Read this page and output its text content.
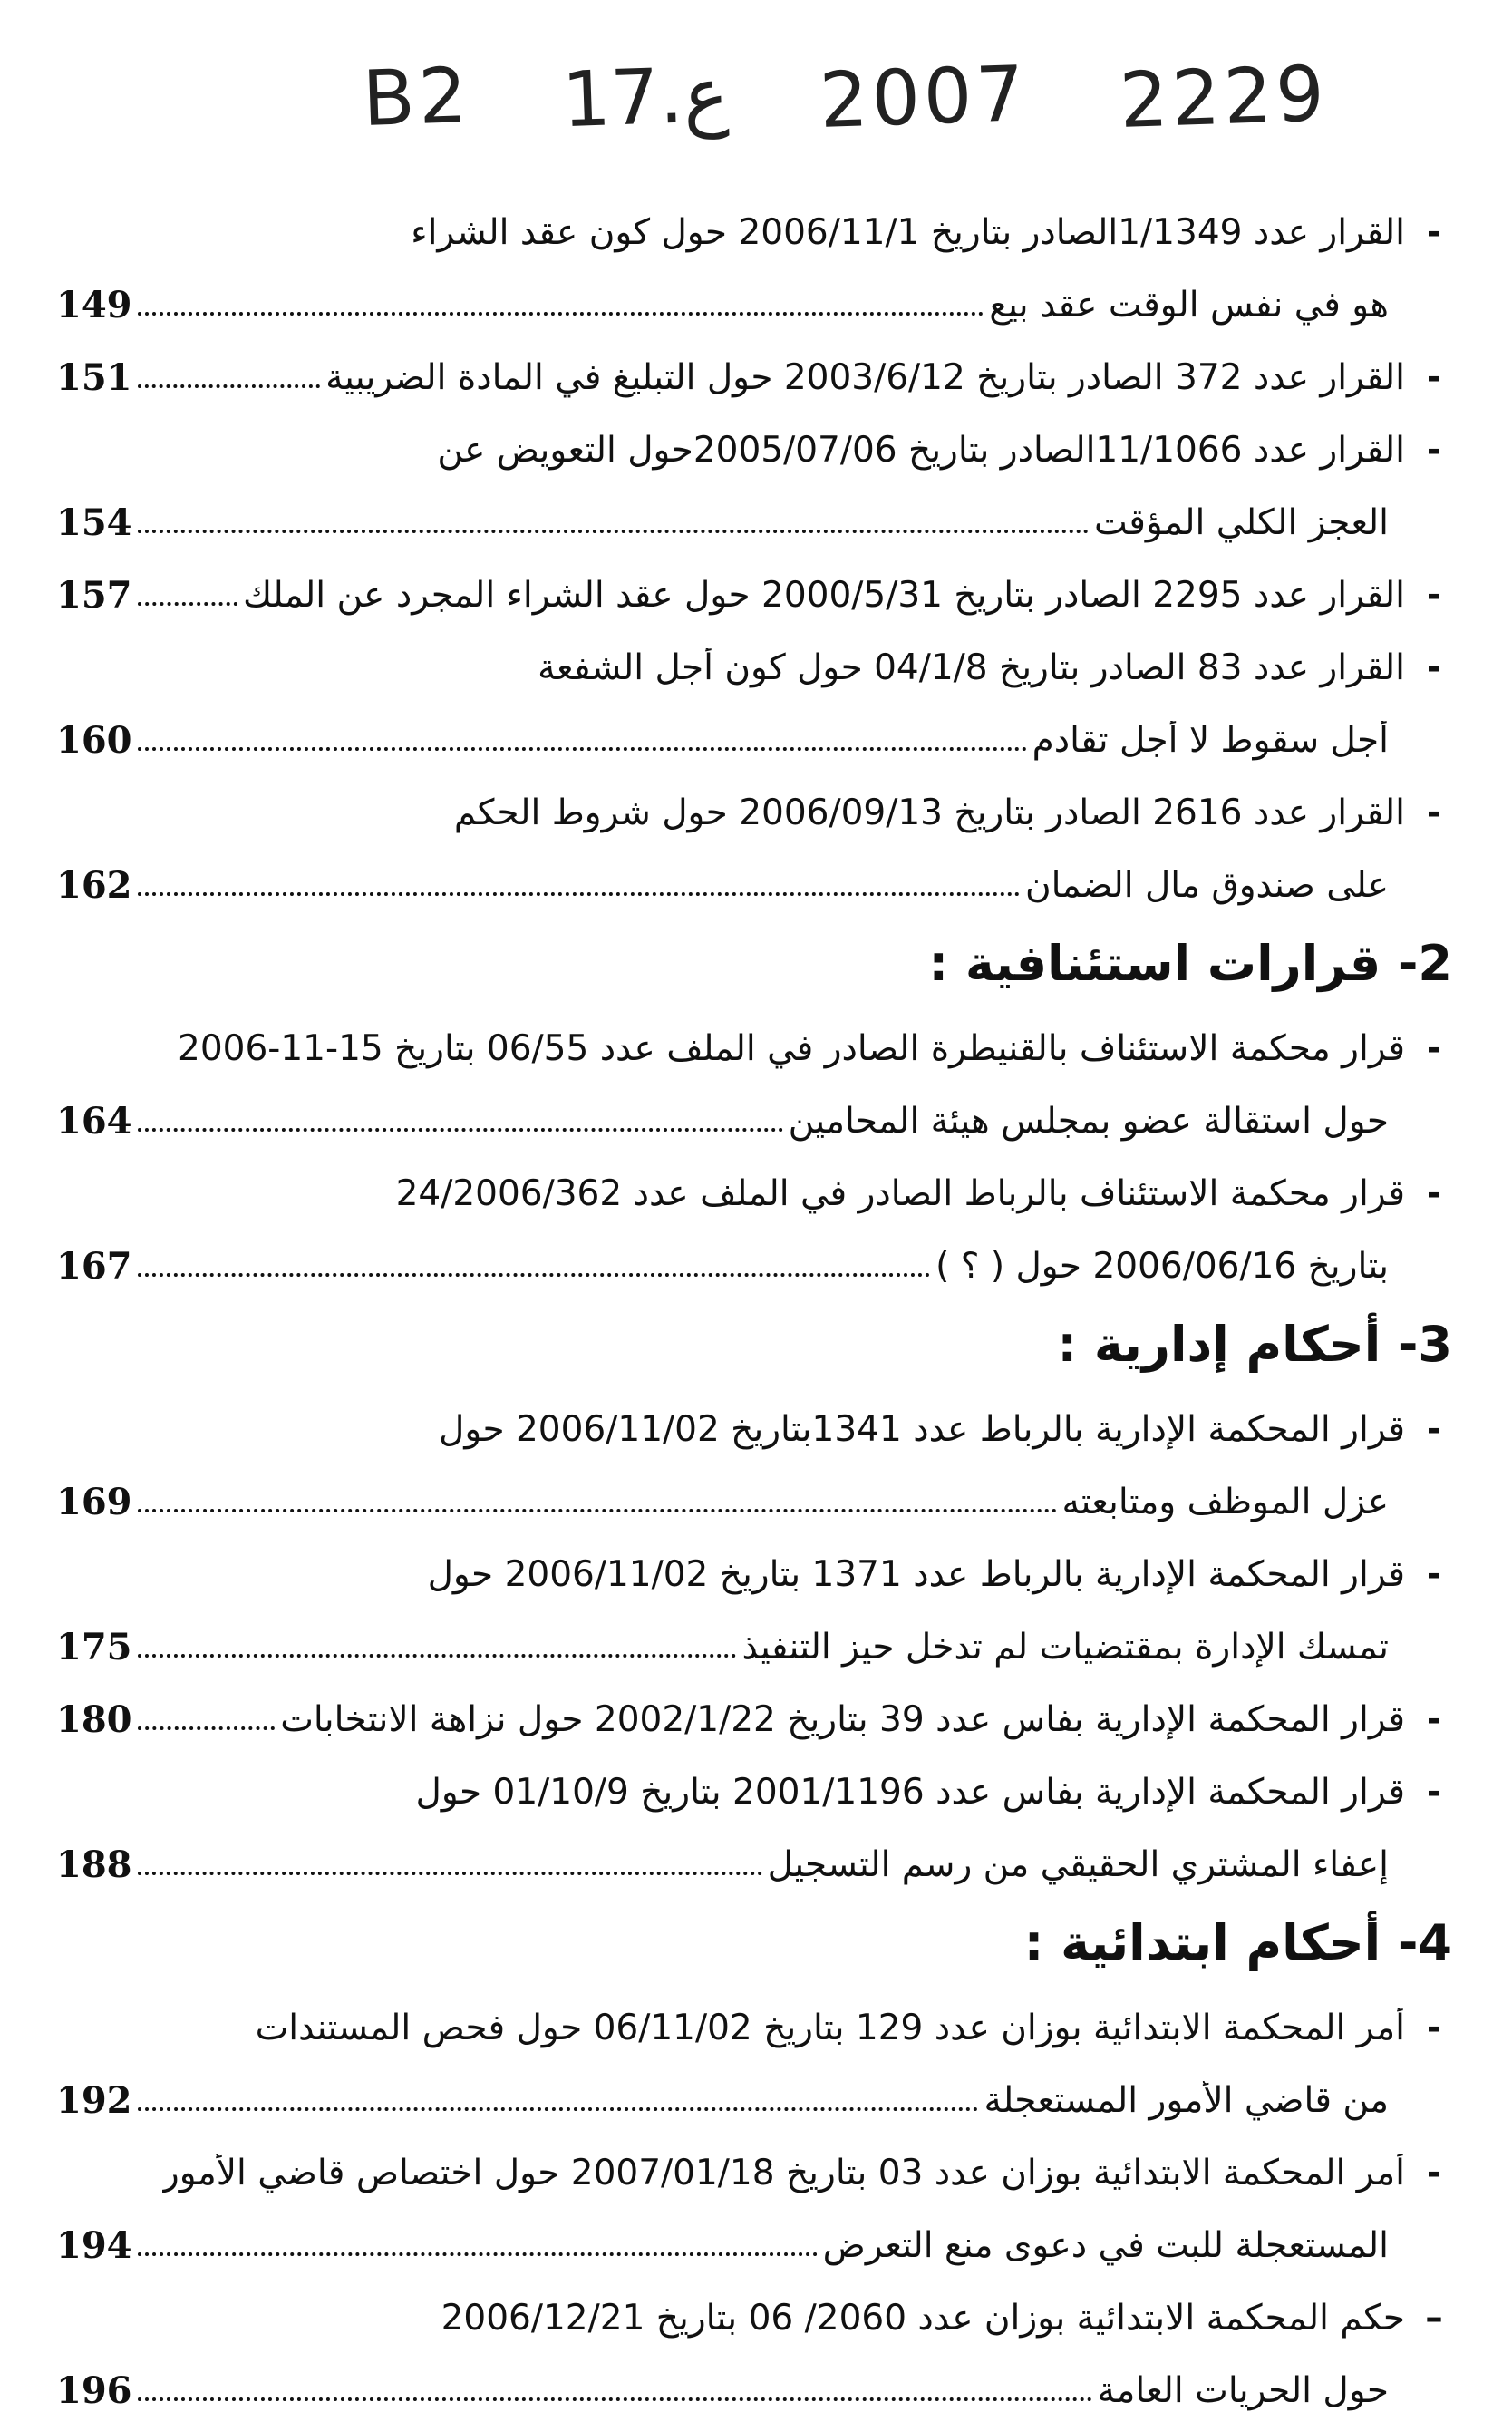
B2 17.ع 2007 2229
-
القرار عدد 1/1349الصادر بتاريخ 2006/11/1 حول كون عقد الشراء
هو في نفس الوقت عقد بيع
149
-
القرار عدد 372 الصادر بتاريخ 2003/6/12 حول التبليغ في المادة الضريبية
151
-
القرار عدد 11/1066الصادر بتاريخ 2005/07/06حول التعويض عن
العجز الكلي المؤقت
154
-
القرار عدد 2295 الصادر بتاريخ 2000/5/31 حول عقد الشراء المجرد عن الملك
157
-
القرار عدد 83 الصادر بتاريخ 04/1/8 حول كون أجل الشفعة
أجل سقوط لا أجل تقادم
160
-
القرار عدد 2616 الصادر بتاريخ 2006/09/13 حول شروط الحكم
على صندوق مال الضمان
162
2- قرارات استئنافية :
-
قرار محكمة الاستئناف بالقنيطرة الصادر في الملف عدد 06/55 بتاريخ 15-11-2006
حول استقالة عضو بمجلس هيئة المحامين
164
-
قرار محكمة الاستئناف بالرباط الصادر في الملف عدد 24/2006/362
بتاريخ 2006/06/16 حول ( ؟ )
167
3- أحكام إدارية :
-
قرار المحكمة الإدارية بالرباط عدد 1341بتاريخ 2006/11/02 حول
عزل الموظف ومتابعته
169
-
قرار المحكمة الإدارية بالرباط عدد 1371 بتاريخ 2006/11/02 حول
تمسك الإدارة بمقتضيات لم تدخل حيز التنفيذ
175
-
قرار المحكمة الإدارية بفاس عدد 39 بتاريخ 2002/1/22 حول نزاهة الانتخابات
180
-
قرار المحكمة الإدارية بفاس عدد 2001/1196 بتاريخ 01/10/9 حول
إعفاء المشتري الحقيقي من رسم التسجيل
188
4- أحكام ابتدائية :
-
أمر المحكمة الابتدائية بوزان عدد 129 بتاريخ 06/11/02 حول فحص المستندات
من قاضي الأمور المستعجلة
192
-
أمر المحكمة الابتدائية بوزان عدد 03 بتاريخ 2007/01/18 حول اختصاص قاضي الأمور
المستعجلة للبت في دعوى منع التعرض
194
–
حكم المحكمة الابتدائية بوزان عدد 2060/ 06 بتاريخ 2006/12/21
حول الحريات العامة
196
